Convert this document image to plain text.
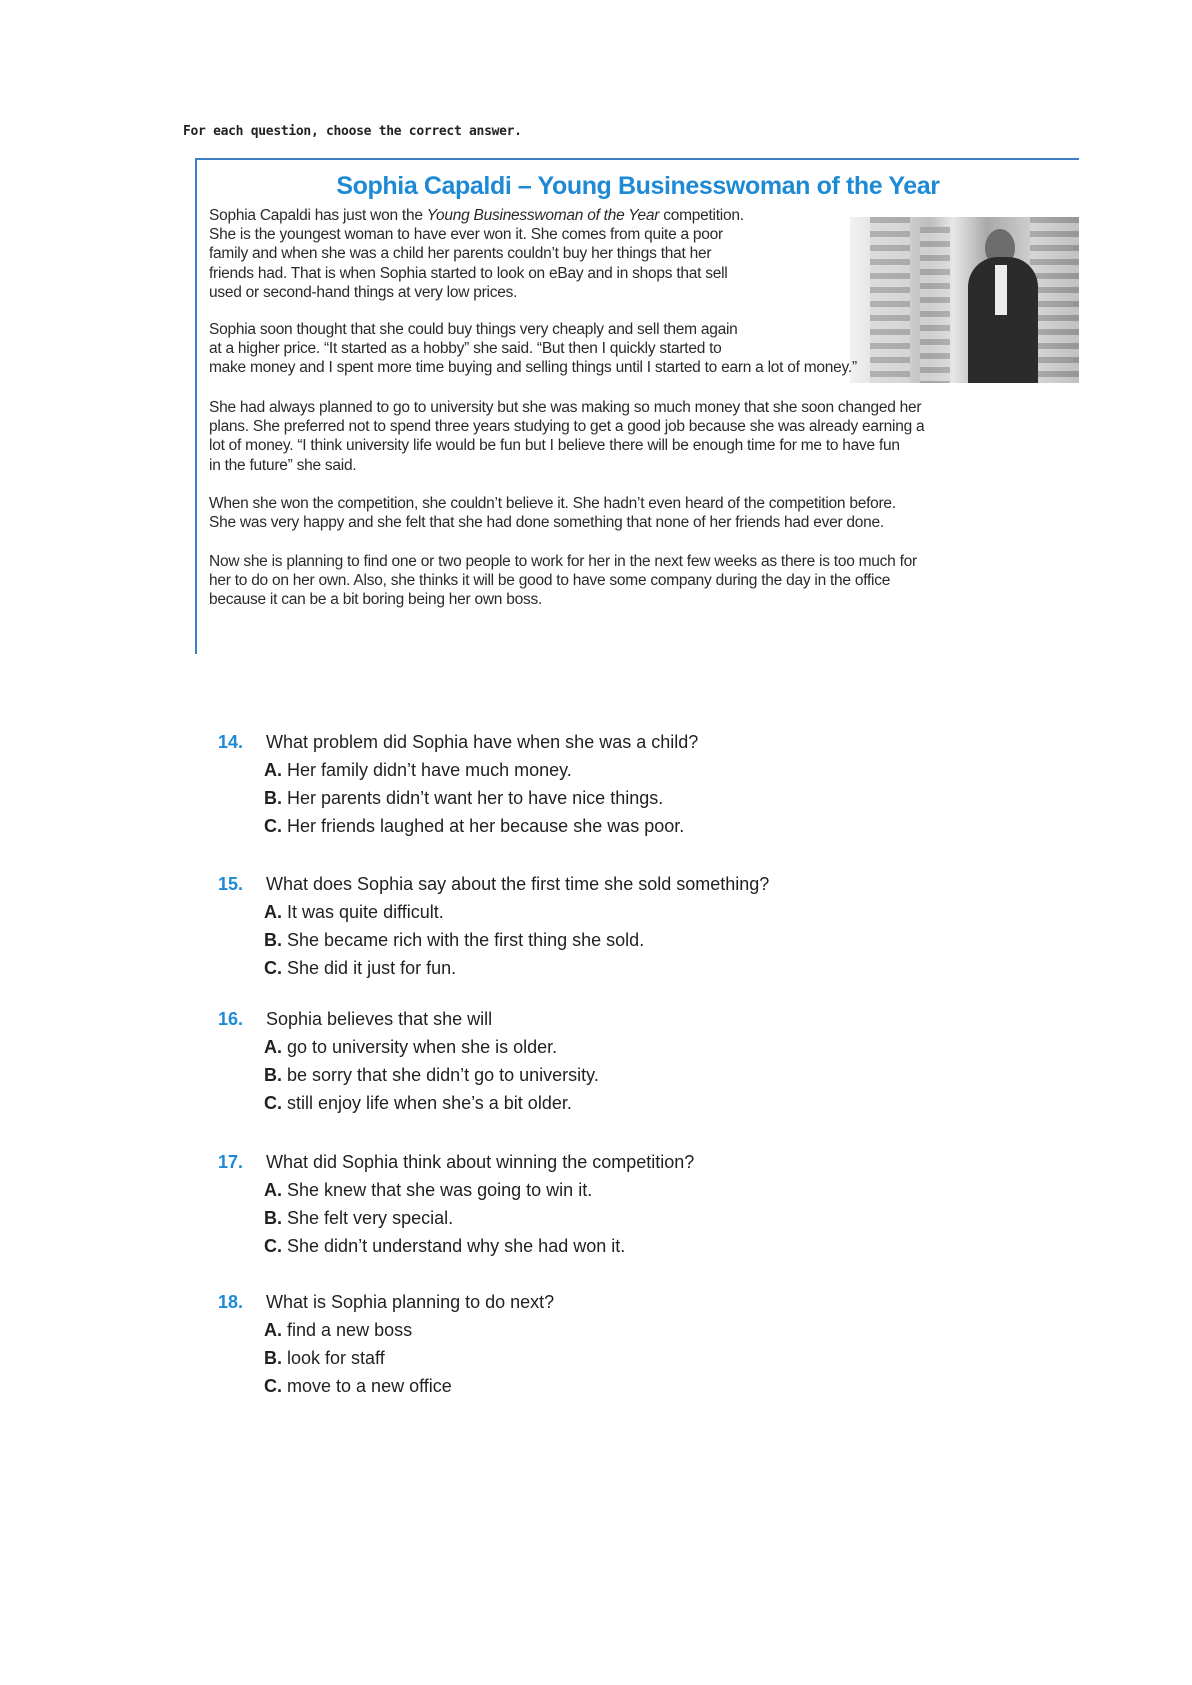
For each question, choose the correct answer.
Sophia Capaldi – Young Businesswoman of the Year
Sophia Capaldi has just won the Young Businesswoman of the Year competition.
She is the youngest woman to have ever won it. She comes from quite a poor
family and when she was a child her parents couldn’t buy her things that her
friends had. That is when Sophia started to look on eBay and in shops that sell
used or second-hand things at very low prices.
Sophia soon thought that she could buy things very cheaply and sell them again
at a higher price. “It started as a hobby” she said. “But then I quickly started to
make money and I spent more time buying and selling things until I started to earn a lot of money.”
She had always planned to go to university but she was making so much money that she soon changed her
plans. She preferred not to spend three years studying to get a good job because she was already earning a
lot of money. “I think university life would be fun but I believe there will be enough time for me to have fun
in the future” she said.
When she won the competition, she couldn’t believe it. She hadn’t even heard of the competition before.
She was very happy and she felt that she had done something that none of her friends had ever done.
Now she is planning to find one or two people to work for her in the next few weeks as there is too much for
her to do on her own. Also, she thinks it will be good to have some company during the day in the office
because it can be a bit boring being her own boss.
14. What problem did Sophia have when she was a child?
A. Her family didn’t have much money.
B. Her parents didn’t want her to have nice things.
C. Her friends laughed at her because she was poor.
15. What does Sophia say about the first time she sold something?
A. It was quite difficult.
B. She became rich with the first thing she sold.
C. She did it just for fun.
16. Sophia believes that she will
A. go to university when she is older.
B. be sorry that she didn’t go to university.
C. still enjoy life when she’s a bit older.
17. What did Sophia think about winning the competition?
A. She knew that she was going to win it.
B. She felt very special.
C. She didn’t understand why she had won it.
18. What is Sophia planning to do next?
A. find a new boss
B. look for staff
C. move to a new office
